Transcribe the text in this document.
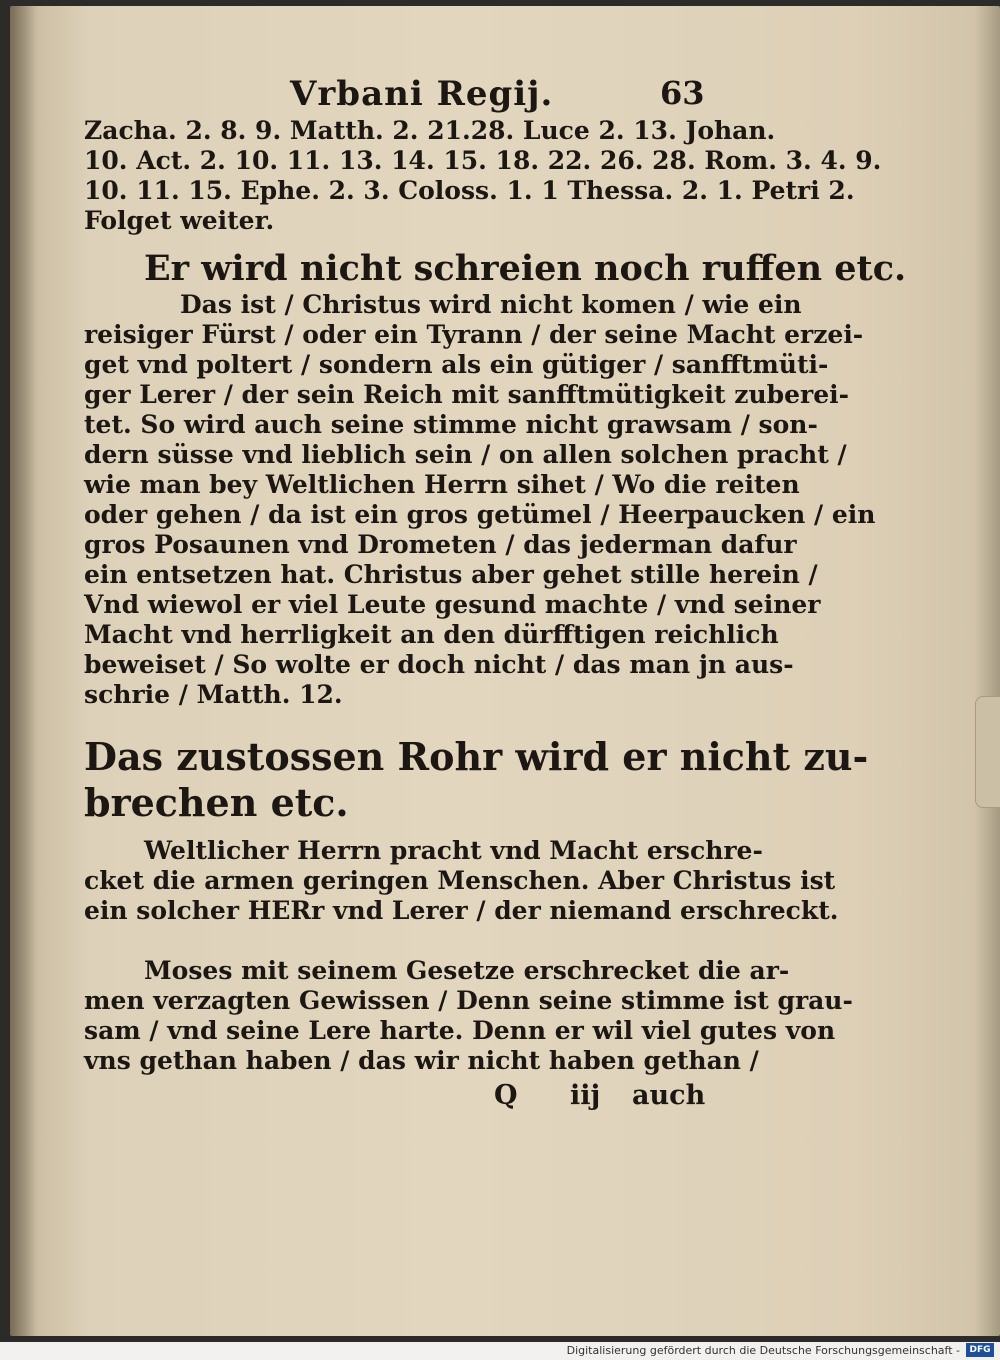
Vrbani Regij.	63
Zacha. 2. 8. 9. Matth. 2. 21.28. Luce 2. 13. Johan.
10. Act. 2. 10. 11. 13. 14. 15. 18. 22. 26. 28. Rom. 3. 4. 9.
10. 11. 15. Ephe. 2. 3. Coloss. 1. 1 Thessa. 2. 1. Petri 2.
Folget weiter.
Er wird nicht schreien noch ruffen etc.
Das ist / Christus wird nicht komen / wie ein
reisiger Fürst / oder ein Tyrann / der seine Macht erzei-
get vnd poltert / sondern als ein gütiger / sanfftmüti-
ger Lerer / der sein Reich mit sanfftmütigkeit zuberei-
tet. So wird auch seine stimme nicht grawsam / son-
dern süsse vnd lieblich sein / on allen solchen pracht /
wie man bey Weltlichen Herrn sihet / Wo die reiten
oder gehen / da ist ein gros getümel / Heerpaucken / ein
gros Posaunen vnd Drometen / das jederman dafur
ein entsetzen hat. Christus aber gehet stille herein /
Vnd wiewol er viel Leute gesund machte / vnd seiner
Macht vnd herrligkeit an den dürfftigen reichlich
beweiset / So wolte er doch nicht / das man jn aus-
schrie / Matth. 12.
Das zustossen Rohr wird er nicht zu-
brechen etc.
Weltlicher Herrn pracht vnd Macht erschre-
cket die armen geringen Menschen. Aber Christus ist
ein solcher HERr vnd Lerer / der niemand erschreckt.
Moses mit seinem Gesetze erschrecket die ar-
men verzagten Gewissen / Denn seine stimme ist grau-
sam / vnd seine Lere harte. Denn er wil viel gutes von
vns gethan haben / das wir nicht haben gethan /
Q iij auch
Digitalisierung gefördert durch die Deutsche Forschungsgemeinschaft -	DFG
